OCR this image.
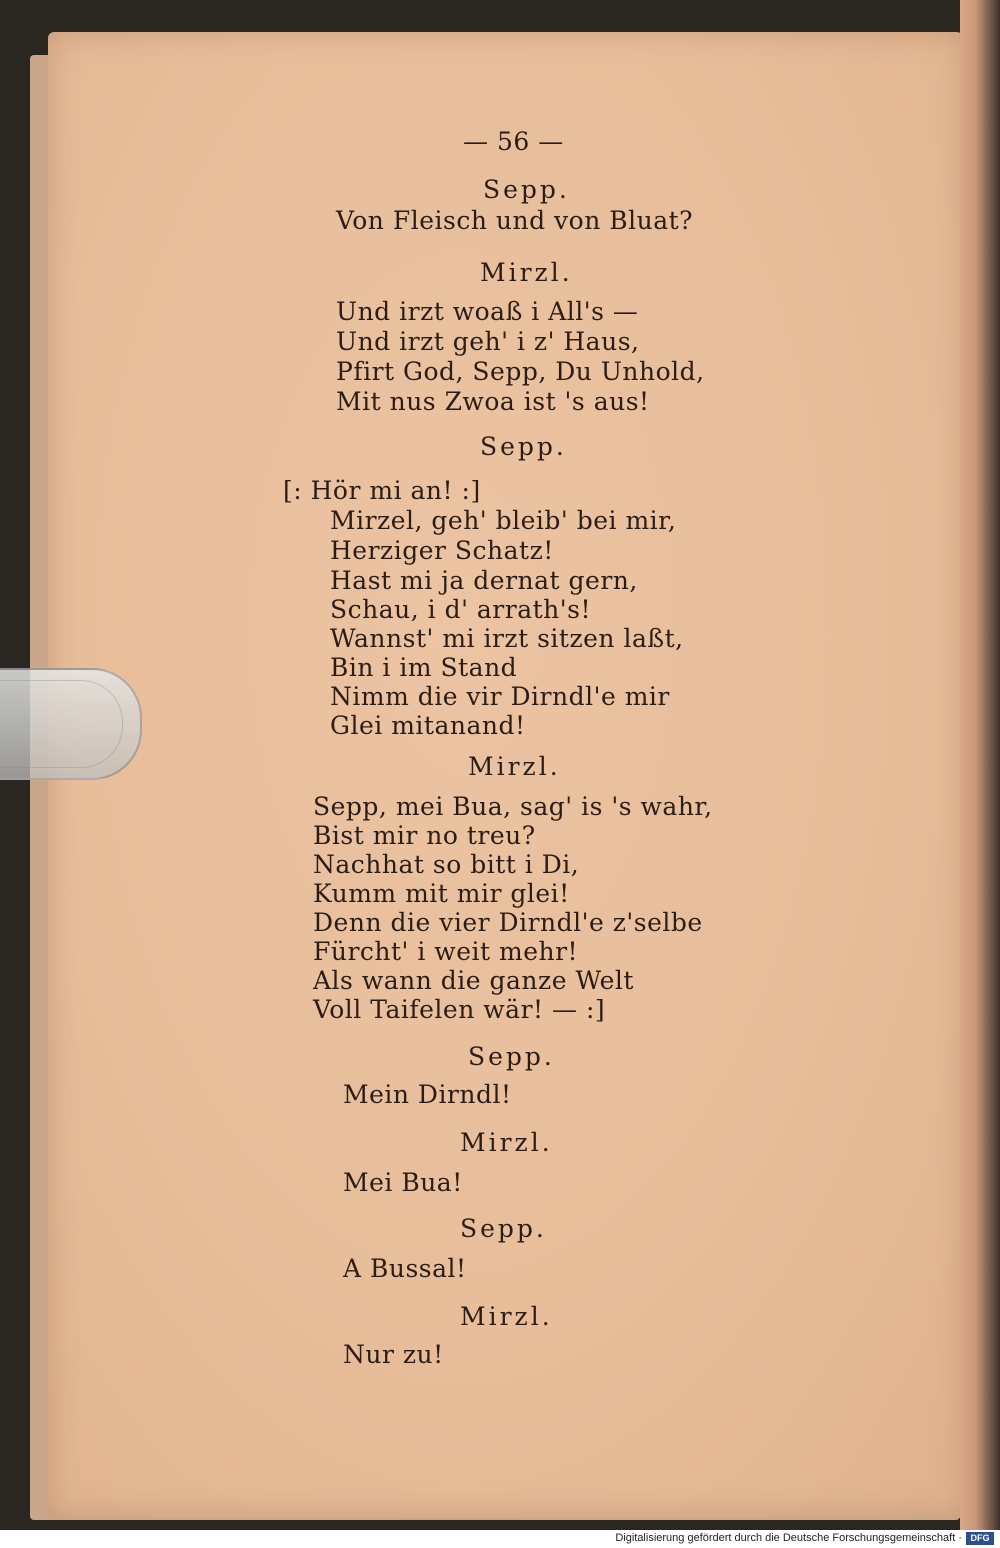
— 56 —
Sepp.
Von Fleisch und von Bluat?
Mirzl.
Und irzt woaß i All's —
Und irzt geh' i z' Haus,
Pfirt God, Sepp, Du Unhold,
Mit nus Zwoa ist 's aus!
Sepp.
[: Hör mi an! :]
Mirzel, geh' bleib' bei mir,
Herziger Schatz!
Hast mi ja dernat gern,
Schau, i d' arrath's!
Wannst' mi irzt sitzen laßt,
Bin i im Stand
Nimm die vir Dirndl'e mir
Glei mitanand!
Mirzl.
Sepp, mei Bua, sag' is 's wahr,
Bist mir no treu?
Nachhat so bitt i Di,
Kumm mit mir glei!
Denn die vier Dirndl'e z'selbe
Fürcht' i weit mehr!
Als wann die ganze Welt
Voll Taifelen wär! — :]
Sepp.
Mein Dirndl!
Mirzl.
Mei Bua!
Sepp.
A Bussal!
Mirzl.
Nur zu!
Digitalisierung gefördert durch die Deutsche Forschungsgemeinschaft · DFG
